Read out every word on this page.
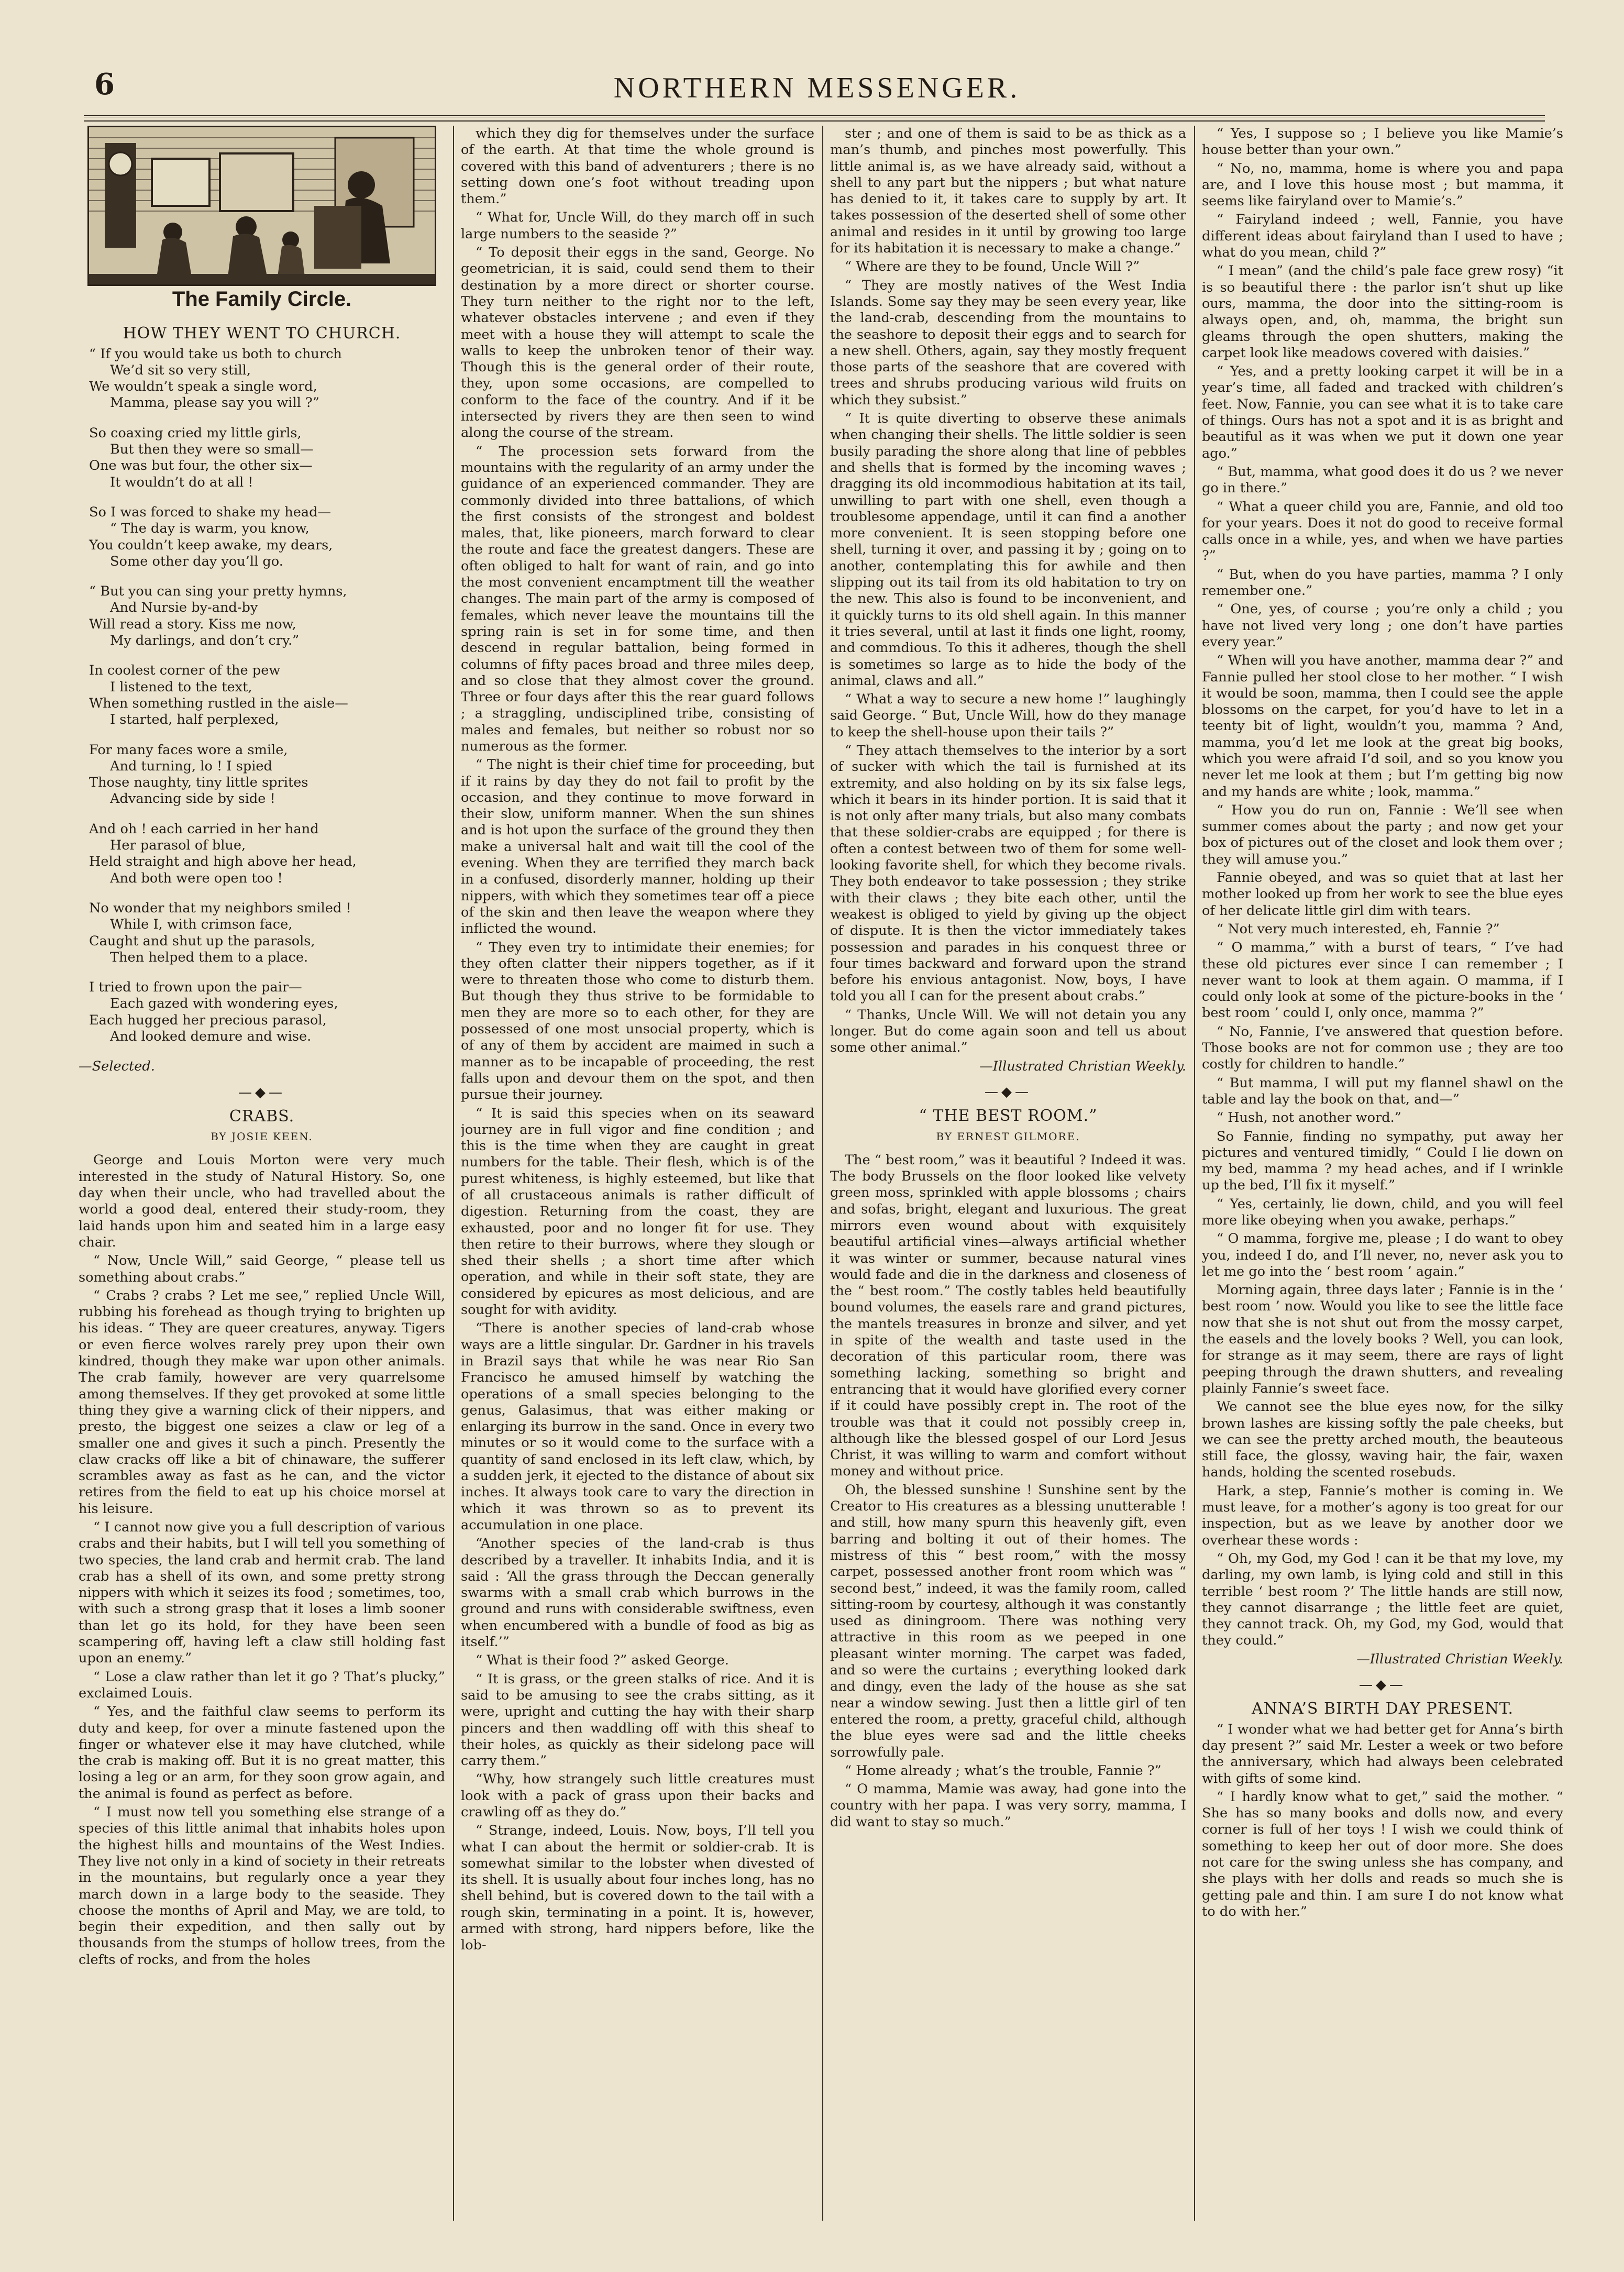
6	NORTHERN MESSENGER.
The Family Circle.
HOW THEY WENT TO CHURCH.
“ If you would take us both to church
We’d sit so very still,
We wouldn’t speak a single word,
Mamma, please say you will ?”
So coaxing cried my little girls,
But then they were so small—
One was but four, the other six—
It wouldn’t do at all !
So I was forced to shake my head—
“ The day is warm, you know,
You couldn’t keep awake, my dears,
Some other day you’ll go.
“ But you can sing your pretty hymns,
And Nursie by-and-by
Will read a story. Kiss me now,
My darlings, and don’t cry.”
In coolest corner of the pew
I listened to the text,
When something rustled in the aisle—
I started, half perplexed,
For many faces wore a smile,
And turning, lo ! I spied
Those naughty, tiny little sprites
Advancing side by side !
And oh ! each carried in her hand
Her parasol of blue,
Held straight and high above her head,
And both were open too !
No wonder that my neighbors smiled !
While I, with crimson face,
Caught and shut up the parasols,
Then helped them to a place.
I tried to frown upon the pair—
Each gazed with wondering eyes,
Each hugged her precious parasol,
And looked demure and wise.
—Selected.
—◆—
CRABS.
BY JOSIE KEEN.

George and Louis Morton were very much interested in the study of Natural History. So, one day when their uncle, who had travelled about the world a good deal, entered their study-room, they laid hands upon him and seated him in a large easy chair.

“ Now, Uncle Will,” said George, “ please tell us something about crabs.”

“ Crabs ? crabs ? Let me see,” replied Uncle Will, rubbing his forehead as though trying to brighten up his ideas. “ They are queer creatures, anyway. Tigers or even fierce wolves rarely prey upon their own kindred, though they make war upon other animals. The crab family, however are very quarrelsome among themselves. If they get provoked at some little thing they give a warning click of their nippers, and presto, the biggest one seizes a claw or leg of a smaller one and gives it such a pinch. Presently the claw cracks off like a bit of chinaware, the sufferer scrambles away as fast as he can, and the victor retires from the field to eat up his choice morsel at his leisure.

“ I cannot now give you a full description of various crabs and their habits, but I will tell you something of two species, the land crab and hermit crab. The land crab has a shell of its own, and some pretty strong nippers with which it seizes its food ; sometimes, too, with such a strong grasp that it loses a limb sooner than let go its hold, for they have been seen scampering off, having left a claw still holding fast upon an enemy.”

“ Lose a claw rather than let it go ? That’s plucky,” exclaimed Louis.

“ Yes, and the faithful claw seems to perform its duty and keep, for over a minute fastened upon the finger or whatever else it may have clutched, while the crab is making off. But it is no great matter, this losing a leg or an arm, for they soon grow again, and the animal is found as perfect as before.

“ I must now tell you something else strange of a species of this little animal that inhabits holes upon the highest hills and mountains of the West Indies. They live not only in a kind of society in their retreats in the mountains, but regularly once a year they march down in a large body to the seaside. They choose the months of April and May, we are told, to begin their expedition, and then sally out by thousands from the stumps of hollow trees, from the clefts of rocks, and from the holes

which they dig for themselves under the surface of the earth. At that time the whole ground is covered with this band of adventurers ; there is no setting down one’s foot without treading upon them.”

“ What for, Uncle Will, do they march off in such large numbers to the seaside ?”

“ To deposit their eggs in the sand, George. No geometrician, it is said, could send them to their destination by a more direct or shorter course. They turn neither to the right nor to the left, whatever obstacles intervene ; and even if they meet with a house they will attempt to scale the walls to keep the unbroken tenor of their way. Though this is the general order of their route, they, upon some occasions, are compelled to conform to the face of the country. And if it be intersected by rivers they are then seen to wind along the course of the stream.

“ The procession sets forward from the mountains with the regularity of an army under the guidance of an experienced commander. They are commonly divided into three battalions, of which the first consists of the strongest and boldest males, that, like pioneers, march forward to clear the route and face the greatest dangers. These are often obliged to halt for want of rain, and go into the most convenient encamptment till the weather changes. The main part of the army is composed of females, which never leave the mountains till the spring rain is set in for some time, and then descend in regular battalion, being formed in columns of fifty paces broad and three miles deep, and so close that they almost cover the ground. Three or four days after this the rear guard follows ; a straggling, undisciplined tribe, consisting of males and females, but neither so robust nor so numerous as the former.

“ The night is their chief time for proceeding, but if it rains by day they do not fail to profit by the occasion, and they continue to move forward in their slow, uniform manner. When the sun shines and is hot upon the surface of the ground they then make a universal halt and wait till the cool of the evening. When they are terrified they march back in a confused, disorderly manner, holding up their nippers, with which they sometimes tear off a piece of the skin and then leave the weapon where they inflicted the wound.

“ They even try to intimidate their enemies; for they often clatter their nippers together, as if it were to threaten those who come to disturb them. But though they thus strive to be formidable to men they are more so to each other, for they are possessed of one most unsocial property, which is of any of them by accident are maimed in such a manner as to be incapable of proceeding, the rest falls upon and devour them on the spot, and then pursue their journey.

“ It is said this species when on its seaward journey are in full vigor and fine condition ; and this is the time when they are caught in great numbers for the table. Their flesh, which is of the purest whiteness, is highly esteemed, but like that of all crustaceous animals is rather difficult of digestion. Returning from the coast, they are exhausted, poor and no longer fit for use. They then retire to their burrows, where they slough or shed their shells ; a short time after which operation, and while in their soft state, they are considered by epicures as most delicious, and are sought for with avidity.

“There is another species of land-crab whose ways are a little singular. Dr. Gardner in his travels in Brazil says that while he was near Rio San Francisco he amused himself by watching the operations of a small species belonging to the genus, Galasimus, that was either making or enlarging its burrow in the sand. Once in every two minutes or so it would come to the surface with a quantity of sand enclosed in its left claw, which, by a sudden jerk, it ejected to the distance of about six inches. It always took care to vary the direction in which it was thrown so as to prevent its accumulation in one place.

“Another species of the land-crab is thus described by a traveller. It inhabits India, and it is said : ‘All the grass through the Deccan generally swarms with a small crab which burrows in the ground and runs with considerable swiftness, even when encumbered with a bundle of food as big as itself.’”

“ What is their food ?” asked George.

“ It is grass, or the green stalks of rice. And it is said to be amusing to see the crabs sitting, as it were, upright and cutting the hay with their sharp pincers and then waddling off with this sheaf to their holes, as quickly as their sidelong pace will carry them.”

“Why, how strangely such little creatures must look with a pack of grass upon their backs and crawling off as they do.”

“ Strange, indeed, Louis. Now, boys, I’ll tell you what I can about the hermit or soldier-crab. It is somewhat similar to the lobster when divested of its shell. It is usually about four inches long, has no shell behind, but is covered down to the tail with a rough skin, terminating in a point. It is, however, armed with strong, hard nippers before, like the lob-

ster ; and one of them is said to be as thick as a man’s thumb, and pinches most powerfully. This little animal is, as we have already said, without a shell to any part but the nippers ; but what nature has denied to it, it takes care to supply by art. It takes possession of the deserted shell of some other animal and resides in it until by growing too large for its habitation it is necessary to make a change.”

“ Where are they to be found, Uncle Will ?”

“ They are mostly natives of the West India Islands. Some say they may be seen every year, like the land-crab, descending from the mountains to the seashore to deposit their eggs and to search for a new shell. Others, again, say they mostly frequent those parts of the seashore that are covered with trees and shrubs producing various wild fruits on which they subsist.”

“ It is quite diverting to observe these animals when changing their shells. The little soldier is seen busily parading the shore along that line of pebbles and shells that is formed by the incoming waves ; dragging its old incommodious habitation at its tail, unwilling to part with one shell, even though a troublesome appendage, until it can find a another more convenient. It is seen stopping before one shell, turning it over, and passing it by ; going on to another, contemplating this for awhile and then slipping out its tail from its old habitation to try on the new. This also is found to be inconvenient, and it quickly turns to its old shell again. In this manner it tries several, until at last it finds one light, roomy, and commdious. To this it adheres, though the shell is sometimes so large as to hide the body of the animal, claws and all.”

“ What a way to secure a new home !” laughingly said George. “ But, Uncle Will, how do they manage to keep the shell-house upon their tails ?”

“ They attach themselves to the interior by a sort of sucker with which the tail is furnished at its extremity, and also holding on by its six false legs, which it bears in its hinder portion. It is said that it is not only after many trials, but also many combats that these soldier-crabs are equipped ; for there is often a contest between two of them for some well-looking favorite shell, for which they become rivals. They both endeavor to take possession ; they strike with their claws ; they bite each other, until the weakest is obliged to yield by giving up the object of dispute. It is then the victor immediately takes possession and parades in his conquest three or four times backward and forward upon the strand before his envious antagonist. Now, boys, I have told you all I can for the present about crabs.”

“ Thanks, Uncle Will. We will not detain you any longer. But do come again soon and tell us about some other animal.”

—Illustrated Christian Weekly.

—◆—
“ THE BEST ROOM.”
BY ERNEST GILMORE.

The “ best room,” was it beautiful ? Indeed it was. The body Brussels on the floor looked like velvety green moss, sprinkled with apple blossoms ; chairs and sofas, bright, elegant and luxurious. The great mirrors even wound about with exquisitely beautiful artificial vines—always artificial whether it was winter or summer, because natural vines would fade and die in the darkness and closeness of the “ best room.” The costly tables held beautifully bound volumes, the easels rare and grand pictures, the mantels treasures in bronze and silver, and yet in spite of the wealth and taste used in the decoration of this particular room, there was something lacking, something so bright and entrancing that it would have glorified every corner if it could have possibly crept in. The root of the trouble was that it could not possibly creep in, although like the blessed gospel of our Lord Jesus Christ, it was willing to warm and comfort without money and without price.

Oh, the blessed sunshine ! Sunshine sent by the Creator to His creatures as a blessing unutterable ! and still, how many spurn this heavenly gift, even barring and bolting it out of their homes. The mistress of this “ best room,” with the mossy carpet, possessed another front room which was “ second best,” indeed, it was the family room, called sitting-room by courtesy, although it was constantly used as diningroom. There was nothing very attractive in this room as we peeped in one pleasant winter morning. The carpet was faded, and so were the curtains ; everything looked dark and dingy, even the lady of the house as she sat near a window sewing. Just then a little girl of ten entered the room, a pretty, graceful child, although the blue eyes were sad and the little cheeks sorrowfully pale.

“ Home already ; what’s the trouble, Fannie ?”

“ O mamma, Mamie was away, had gone into the country with her papa. I was very sorry, mamma, I did want to stay so much.”

“ Yes, I suppose so ; I believe you like Mamie’s house better than your own.”

“ No, no, mamma, home is where you and papa are, and I love this house most ; but mamma, it seems like fairyland over to Mamie’s.”

“ Fairyland indeed ; well, Fannie, you have different ideas about fairyland than I used to have ; what do you mean, child ?”

“ I mean” (and the child’s pale face grew rosy) “it is so beautiful there : the parlor isn’t shut up like ours, mamma, the door into the sitting-room is always open, and, oh, mamma, the bright sun gleams through the open shutters, making the carpet look like meadows covered with daisies.”

“ Yes, and a pretty looking carpet it will be in a year’s time, all faded and tracked with children’s feet. Now, Fannie, you can see what it is to take care of things. Ours has not a spot and it is as bright and beautiful as it was when we put it down one year ago.”

“ But, mamma, what good does it do us ? we never go in there.”

“ What a queer child you are, Fannie, and old too for your years. Does it not do good to receive formal calls once in a while, yes, and when we have parties ?”

“ But, when do you have parties, mamma ? I only remember one.”

“ One, yes, of course ; you’re only a child ; you have not lived very long ; one don’t have parties every year.”

“ When will you have another, mamma dear ?” and Fannie pulled her stool close to her mother. “ I wish it would be soon, mamma, then I could see the apple blossoms on the carpet, for you’d have to let in a teenty bit of light, wouldn’t you, mamma ? And, mamma, you’d let me look at the great big books, which you were afraid I’d soil, and so you know you never let me look at them ; but I’m getting big now and my hands are white ; look, mamma.”

“ How you do run on, Fannie : We’ll see when summer comes about the party ; and now get your box of pictures out of the closet and look them over ; they will amuse you.”

Fannie obeyed, and was so quiet that at last her mother looked up from her work to see the blue eyes of her delicate little girl dim with tears.

“ Not very much interested, eh, Fannie ?”

“ O mamma,” with a burst of tears, “ I’ve had these old pictures ever since I can remember ; I never want to look at them again. O mamma, if I could only look at some of the picture-books in the ‘ best room ’ could I, only once, mamma ?”

“ No, Fannie, I’ve answered that question before. Those books are not for common use ; they are too costly for children to handle.”

“ But mamma, I will put my flannel shawl on the table and lay the book on that, and—”

“ Hush, not another word.”

So Fannie, finding no sympathy, put away her pictures and ventured timidly, “ Could I lie down on my bed, mamma ? my head aches, and if I wrinkle up the bed, I’ll fix it myself.”

“ Yes, certainly, lie down, child, and you will feel more like obeying when you awake, perhaps.”

“ O mamma, forgive me, please ; I do want to obey you, indeed I do, and I’ll never, no, never ask you to let me go into the ‘ best room ’ again.”

Morning again, three days later ; Fannie is in the ‘ best room ’ now. Would you like to see the little face now that she is not shut out from the mossy carpet, the easels and the lovely books ? Well, you can look, for strange as it may seem, there are rays of light peeping through the drawn shutters, and revealing plainly Fannie’s sweet face.

We cannot see the blue eyes now, for the silky brown lashes are kissing softly the pale cheeks, but we can see the pretty arched mouth, the beauteous still face, the glossy, waving hair, the fair, waxen hands, holding the scented rosebuds.

Hark, a step, Fannie’s mother is coming in. We must leave, for a mother’s agony is too great for our inspection, but as we leave by another door we overhear these words :

“ Oh, my God, my God ! can it be that my love, my darling, my own lamb, is lying cold and still in this terrible ‘ best room ?’ The little hands are still now, they cannot disarrange ; the little feet are quiet, they cannot track. Oh, my God, my God, would that they could.”

—Illustrated Christian Weekly.

—◆—
ANNA’S BIRTH DAY PRESENT.

“ I wonder what we had better get for Anna’s birth day present ?” said Mr. Lester a week or two before the anniversary, which had always been celebrated with gifts of some kind.

“ I hardly know what to get,” said the mother. “ She has so many books and dolls now, and every corner is full of her toys ! I wish we could think of something to keep her out of door more. She does not care for the swing unless she has company, and she plays with her dolls and reads so much she is getting pale and thin. I am sure I do not know what to do with her.”
